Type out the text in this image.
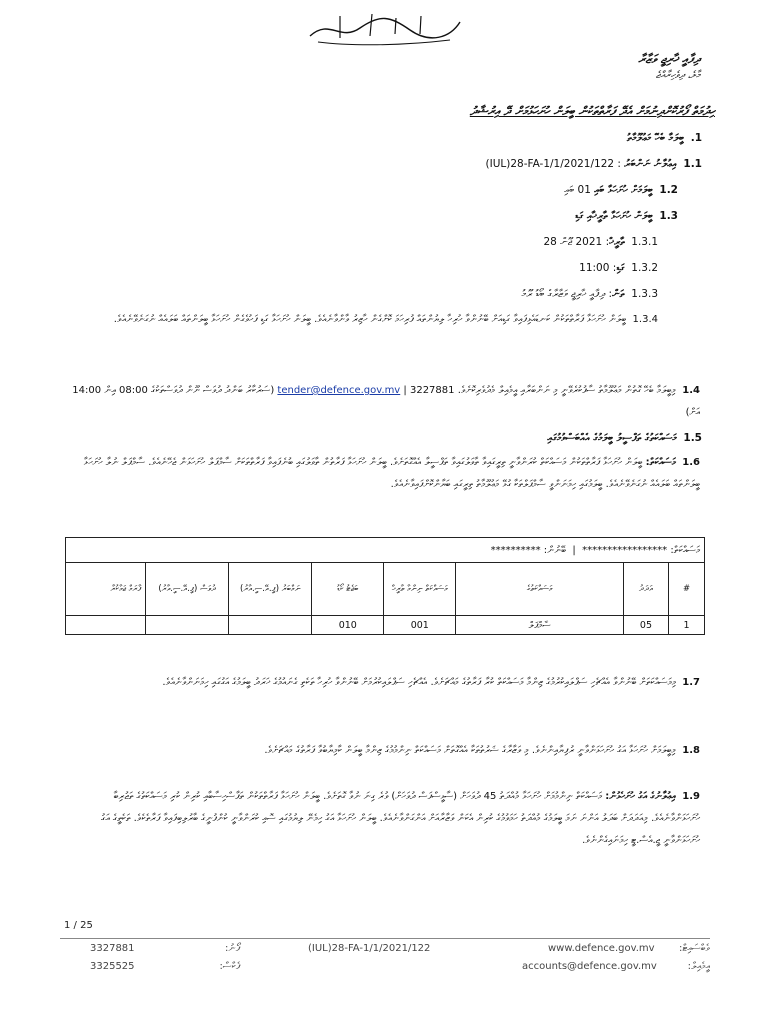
ދިފާއީ ޚާރިޖީ ވަޒާރާ
މާލެ، ދިވެހިރާއްޖެ
ހިދުމަތް ފޯރުކޮށްދިނުމަށް އެދޭ ފަރާތްތަކުން ބީލަން ހުށަހަޅުމަށް ދޭ އިރުޝާދު
1.  ބީލަމާ ބެހޭ މަޢުލޫމާތު
1.1  އިޢުލާނު ނަންބަރު : (IUL)28-FA-1/1/2021/122
1.2  ބީލަމަށް ހުށަހަޅާ ބައި 01 ބައި
1.3  ބީލަން ހުށަހަޅާ ތާރީޚާއި ގަޑި
1.3.1  ތާރީޚް: 2021 ޖޫން 28
1.3.2  ގަޑި: 11:00
1.3.3  ތަން: ދިފާއީ ޚާރިޖީ ވަޒާރާގެ ބޯޑު ރޫމު
1.3.4  ބީލަން ހުށަހަޅާ ފަރާތްތަކުން ކަނޑައެޅިފައިވާ ގަޑިއަށް ބޭނުންވާ ހުރިހާ ލިޔުންތައް ފުރިހަމަ ކޮށްގެން ހާޒިރު ވާންވާނެއެވެ. ބީލަން ހުށަހަޅާ ގަޑި ފަހުވެގެން ހުށަހަޅާ ބީލަންތައް ބަލައެއް ނުގަނެވޭނެއެވެ.
1.4  މިބީލަމާ ބެހޭ ގޮތުން މަޢުލޫމާތު ސާފުކުރެވޭނީ މި ނަންބަރާއި އީމެއިލް މެދުވެރިކޮށެވެ. tender@defence.gov.mv | 3227881 (ސަރުކާރު ބަންދު ދުވަސް ނޫން ދުވަސްތަކުގެ 08:00 އިން 14:00 އަށް)
1.5  މަސައްކަތުގެ ތަފްސީލު ބީލަމުގެ އެއްބަސްވުމުގައި
1.6  މަސައްކަތް: ބީލަން ހުށަހަޅާ ފަރާތްތަކުން މަސައްކަތް ކުރަންވާނީ ތިރީގައިވާ ތާވަލުގައިވާ ތަފްސީލާ އެއްގޮތަށެވެ. ބީލަން ހުށަހަޅާ ފަރާތުން ތާވަލުގައި ބުނެފައިވާ ފަރާތްތަކަށް ސާމްޕަލް ހުށަހަޅަން ޖެހޭނެއެވެ. ސާމްޕަލް ނުލާ ހުށަހަޅާ ބީލަންތައް ބަލައެއް ނުގަނެވޭނެއެވެ. ބީލަމުގައި ހިމަނަންވީ ސާމްޕަލްތަކާ ގުޅޭ މަޢުލޫމާތު ތިރީގައި ބަޔާންކޮށްފައިވާނެއެވެ.
މަސައްކަތް: *****************  |  ބޭނުން: **********							
ފާރަމް ޖަމާކުރާ	ދުވަސް (ޕީ.އޭ.ސީ.އާރު)	ނަމްބަރު (ޕީ.އޭ.ސީ.އާރު)	ބަޖެޓު ކޯޑު	މަސައްކަތް ނިންމާ ތާރީޚް	މަސައްކަތުގެ	އަދަދު	#
			010	001	ސާމްޕަލް	05	1
1.7  މިމަސައްކަތަށް ބޭނުންވާ އެއްޗެހި ސަޕްލައިކުރުމުގެ ޒިންމާ މަސައްކަތް ކުރާ ފަރާތުގެ މައްޗަށެވެ. އެއްޗެހި ސަޕްލައިކުރުމަށް ބޭނުންވާ ހުރިހާ ތަކެތި ގެނައުމުގެ ޚަރަދު ބީލަމުގެ އަގުގައި ހިމަނަންވާނެއެވެ.
1.8  މިބީލަމަށް ހުށަހަޅާ އަގު ހުށަހަޅަންވާނީ ރުފިޔާއިންނެވެ. މި ވަޒާރާގެ ޝަރުތުތަކާ އެއްގޮތަށް މަސައްކަތް ނިންމުމުގެ ޒިންމާ ބީލަން ކާމިޔާބުވާ ފަރާތުގެ މައްޗަށެވެ.
1.9  އިޢުލާނުގެ އަގު ހުށަހެޅުން: މަސައްކަތް ނިންމުމަށް ހުށަހަޅާ މުއްދަތު 45 ދުވަހަށް (ސާޅީސްފަސް ދުވަހަށް) ވުރެ ގިނަ ނުވާ ގޮތަށެވެ. ބީލަން ހުށަހަޅާ ފަރާތްތަކުން ތަފާސްހިސާބާއި ކުރިން ކުރި މަސައްކަތުގެ ތަޖުރިބާ ހުށަހަޅަންވާނެއެވެ. މިއަދަދަށް ބަދަލު އަންނަ ނަމަ ބީލަމުގެ މުއްދަތު ހަމަވުމުގެ ކުރިން އެކަން ވަޒާރާއަށް އަންގަންވާނެއެވެ. ބީލަން ހުށަހަޅާ އަގު ހިމެނޭ ލިޔުމުގައި ސޮއި ކުރަންވާނީ ކުންފުނީގެ ބާރުލިބިފައިވާ ފަރާތެކެވެ. ތަކެތީގެ އަގު ހުށަހަޅަންވާނީ ޖީ.އެސް.ޓީ ހިމަނައިގެންނެވެ.
1 / 25
3327881	ފޯނު:
3325525	ފެކްސް:
(IUL)28-FA-1/1/2021/122	www.defence.gov.mv	ވެބްސައިޓް:
accounts@defence.gov.mv	އީމެއިލް:
